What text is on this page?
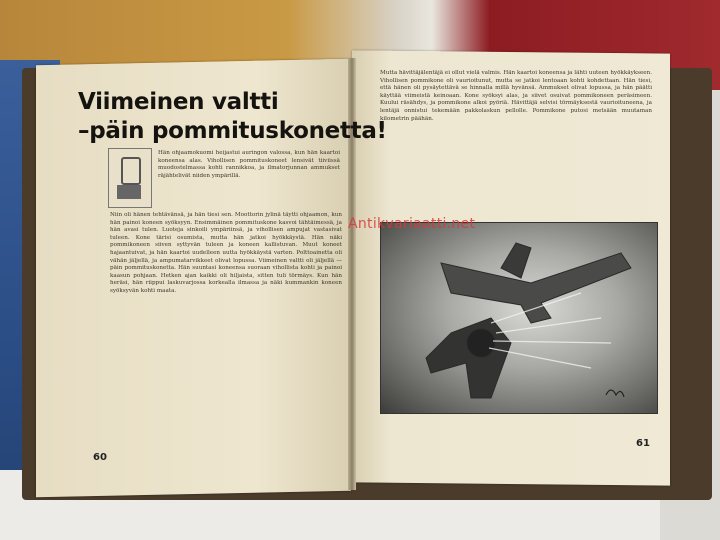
Viimeinen valtti
–päin pommituskonetta!

Hän ohjaamokuomi heijastui auringon valossa, kun hän kaartoi koneensa alas. Vihollisen pommituskoneet lensivät tiiviissä muodostelmassa kohti rannikkoa, ja ilmatorjunnan ammukset räjähtelivät niiden ympärillä.

Niin oli hänen tehtävänsä, ja hän tiesi sen. Moottorin jylinä täytti ohjaamon, kun hän painoi koneen syöksyyn. Ensimmäinen pommituskone kasvoi tähtäimessä, ja hän avasi tulen. Luoteja sinkoili ympäriinsä, ja vihollisen ampujat vastasivat tuleen. Kone tärisi osumista, mutta hän jatkoi hyökkäystä. Hän näki pommikoneen siiven syttyvän tuleen ja koneen kallistuvan. Muut koneet hajaantuivat, ja hän kaartoi uudelleen uutta hyökkäystä varten. Polttoainetta oli vähän jäljellä, ja ampumatarvikkeet olivat lopussa. Viimeinen valtti oli jäljellä — päin pommituskonetta. Hän suuntasi koneensa suoraan vihollista kohti ja painoi kaasun pohjaan. Hetken ajan kaikki oli hiljaista, sitten tuli törmäys. Kun hän heräsi, hän riippui laskuvarjossa korkealla ilmassa ja näki kummankin koneen syöksyvän kohti maata.

Mutta hävittäjälentäjä ei ollut vielä valmis. Hän kaartoi koneensa ja lähti uuteen hyökkäykseen. Vihollisen pommikone oli vaurioitunut, mutta se jatkoi lentoaan kohti kohdettaan. Hän tiesi, että hänen oli pysäytettävä se hinnalla millä hyvänsä. Ammukset olivat lopussa, ja hän päätti käyttää viimeistä keinoaan. Kone syöksyi alas, ja siivet osuivat pommikoneen peräsimeen. Kuului räsähdys, ja pommikone alkoi pyöriä. Hävittäjä selvisi törmäyksestä vaurioituneena, ja lentäjä onnistui tekemään pakkolaskun pellolle. Pommikone putosi metsään muutaman kilometrin päähän.

Antikvariaatti.net
60
61
